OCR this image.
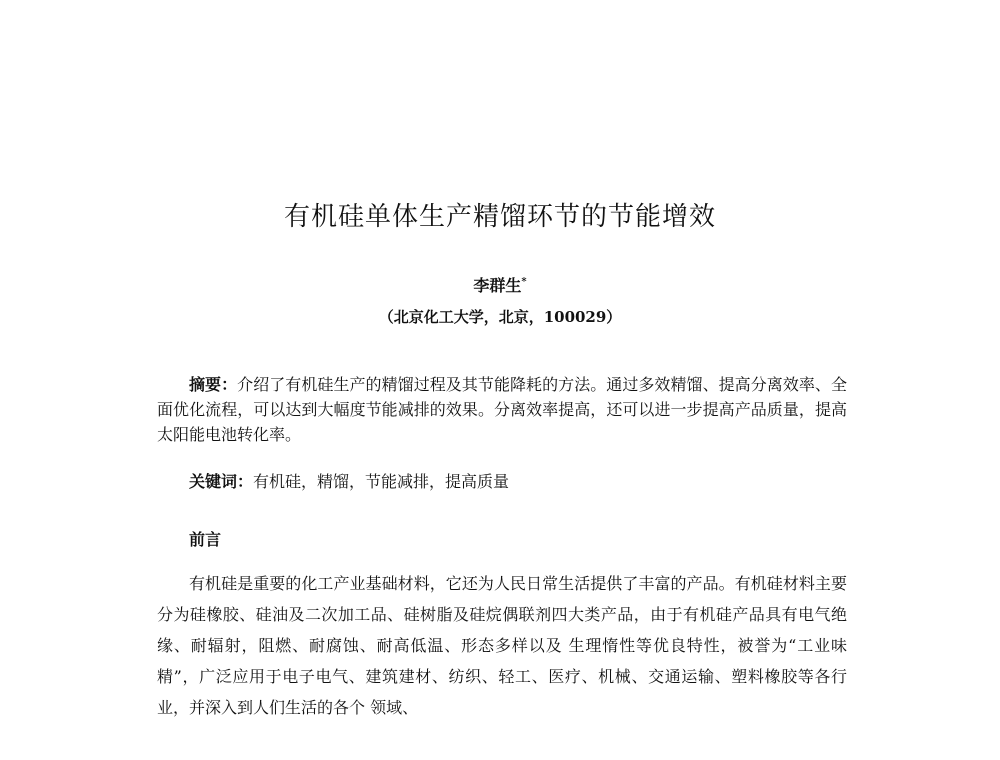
有机硅单体生产精馏环节的节能增效
李群生*
（北京化工大学，北京，100029）
摘要：介绍了有机硅生产的精馏过程及其节能降耗的方法。通过多效精馏、提高分离效率、全面优化流程，可以达到大幅度节能减排的效果。分离效率提高，还可以进一步提高产品质量，提高太阳能电池转化率。
关键词：有机硅，精馏，节能减排，提高质量
前言
有机硅是重要的化工产业基础材料，它还为人民日常生活提供了丰富的产品。有机硅材料主要分为硅橡胶、硅油及二次加工品、硅树脂及硅烷偶联剂四大类产品，由于有机硅产品具有电气绝缘、耐辐射，阻燃、耐腐蚀、耐高低温、形态多样以及 生理惰性等优良特性，被誉为“工业味精”，广泛应用于电子电气、建筑建材、纺织、轻工、医疗、机械、交通运输、塑料橡胶等各行业，并深入到人们生活的各个 领域、
